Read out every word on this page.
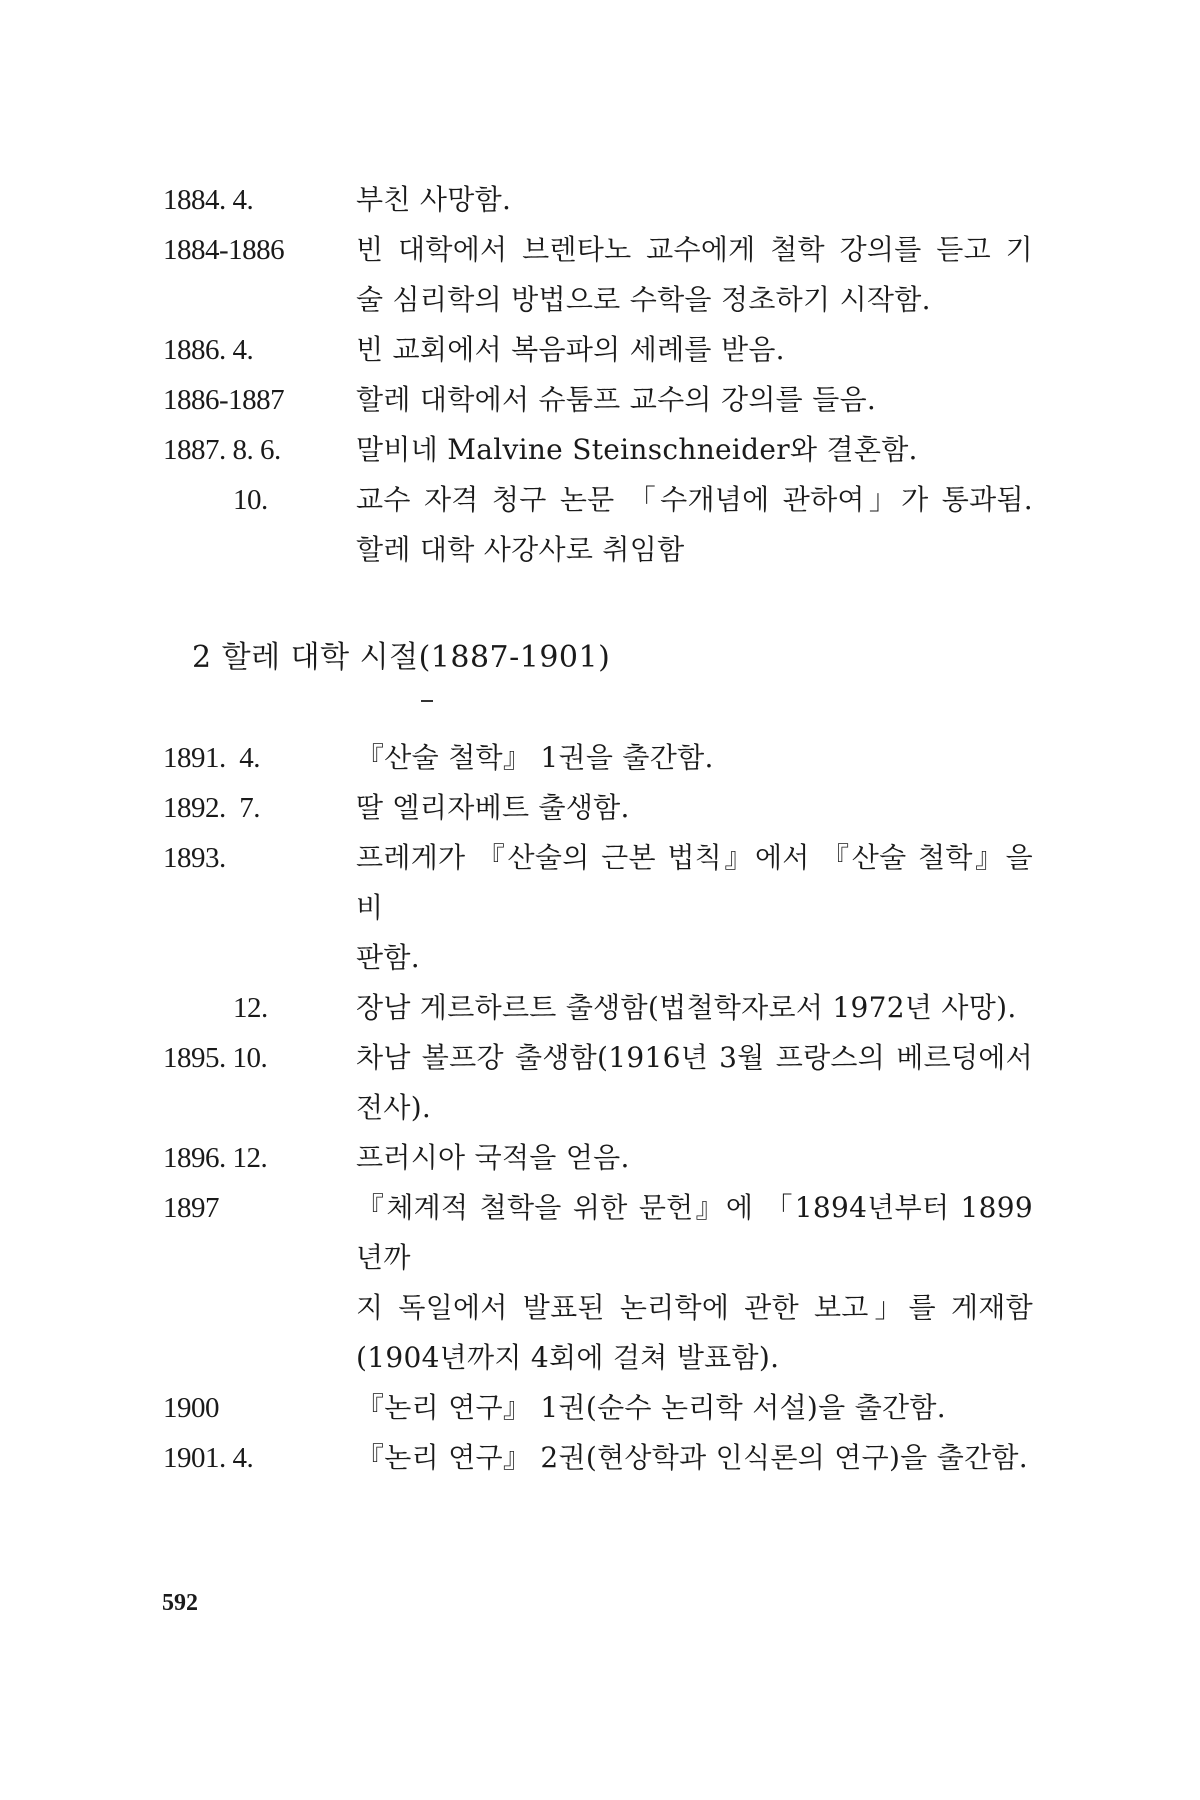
1884. 4.	부친 사망함.
1884-1886	빈 대학에서 브렌타노 교수에게 철학 강의를 듣고 기
술 심리학의 방법으로 수학을 정초하기 시작함.
1886. 4.	빈 교회에서 복음파의 세례를 받음.
1886-1887	할레 대학에서 슈툼프 교수의 강의를 들음.
1887. 8. 6.	말비네 Malvine Steinschneider와 결혼함.
10.	교수 자격 청구 논문 「수개념에 관하여」가 통과됨.
할레 대학 사강사로 취임함
2 할레 대학 시절(1887-1901)
1891.  4.	『산술 철학』 1권을 출간함.
1892.  7.	딸 엘리자베트 출생함.
1893.	프레게가 『산술의 근본 법칙』에서 『산술 철학』을 비
판함.
12.	장남 게르하르트 출생함(법철학자로서 1972년 사망).
1895. 10.	차남 볼프강 출생함(1916년 3월 프랑스의 베르덩에서
전사).
1896. 12.	프러시아 국적을 얻음.
1897	『체계적 철학을 위한 문헌』에 「1894년부터 1899년까
지 독일에서 발표된 논리학에 관한 보고」를 게재함
(1904년까지 4회에 걸쳐 발표함).
1900	『논리 연구』 1권(순수 논리학 서설)을 출간함.
1901. 4.	『논리 연구』 2권(현상학과 인식론의 연구)을 출간함.
592
